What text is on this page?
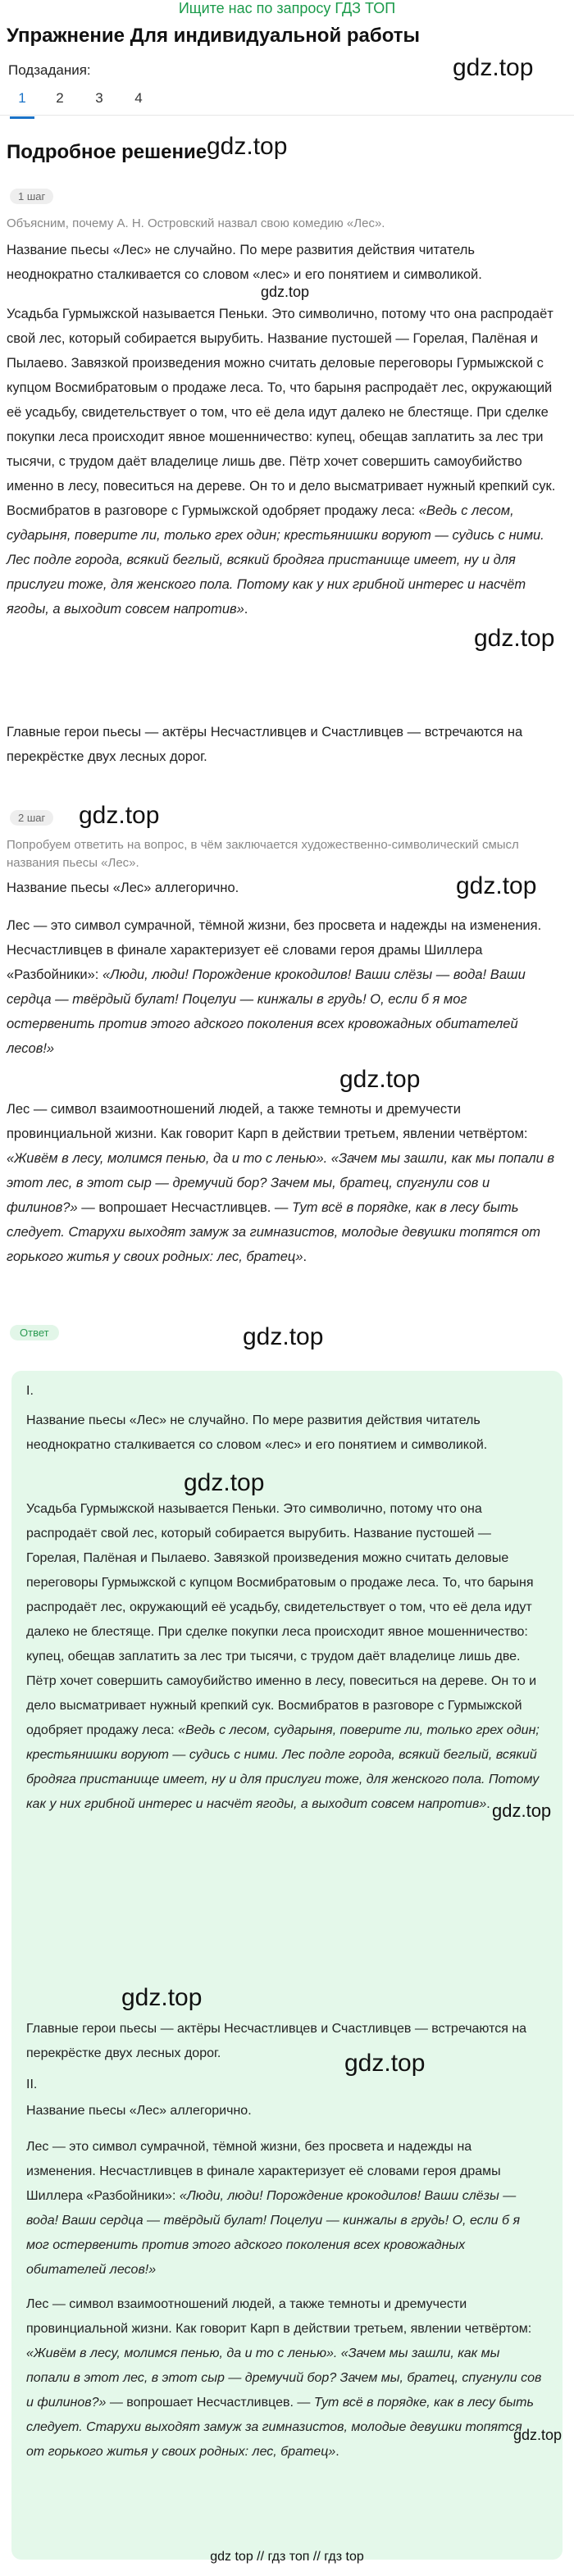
Ищите нас по запросу ГДЗ ТОП
Упражнение Для индивидуальной работы
gdz.top
Подзадания:
1	2	3	4
Подробное решение gdz.top
1 шаг
Объясним, почему А. Н. Островский назвал свою комедию «Лес».
Название пьесы «Лес» не случайно. По мере развития действия читатель неоднократно сталкивается со словом «лес» и его понятием и символикой.
Усадьба Гурмыжской называется Пеньки. Это символично, потому что она распродаёт свой лес, который собирается вырубить. Название пустошей — Горелая, Палёная и Пылаево. Завязкой произведения можно считать деловые переговоры Гурмыжской с купцом Восмибратовым о продаже леса. То, что барыня распродаёт лес, окружающий её усадьбу, свидетельствует о том, что её дела идут далеко не блестяще. При сделке покупки леса происходит явное мошенничество: купец, обещав заплатить за лес три тысячи, с трудом даёт владелице лишь две. Пётр хочет совершить самоубийство именно в лесу, повеситься на дереве. Он то и дело высматривает нужный крепкий сук. Восмибратов в разговоре с Гурмыжской одобряет продажу леса: «Ведь с лесом, сударыня, поверите ли, только грех один; крестьянишки воруют — судись с ними. Лес подле города, всякий беглый, всякий бродяга пристанище имеет, ну и для прислуги тоже, для женского пола. Потому как у них грибной интерес и насчёт ягоды, а выходит совсем напротив».
gdz.top
gdz.top
Главные герои пьесы — актёры Несчастливцев и Счастливцев — встречаются на перекрёстке двух лесных дорог.
2 шаг	gdz.top
Попробуем ответить на вопрос, в чём заключается художественно-символический смысл названия пьесы «Лес».
Название пьесы «Лес» аллегорично.	gdz.top
Лес — это символ сумрачной, тёмной жизни, без просвета и надежды на изменения. Несчастливцев в финале характеризует её словами героя драмы Шиллера «Разбойники»: «Люди, люди! Порождение крокодилов! Ваши слёзы — вода! Ваши сердца — твёрдый булат! Поцелуи — кинжалы в грудь! О, если б я мог остервенить против этого адского поколения всех кровожадных обитателей лесов!»
gdz.top
Лес — символ взаимоотношений людей, а также темноты и дремучести провинциальной жизни. Как говорит Карп в действии третьем, явлении четвёртом: «Живём в лесу, молимся пенью, да и то с ленью». «Зачем мы зашли, как мы попали в этот лес, в этот сыр — дремучий бор? Зачем мы, братец, спугнули сов и филинов?» — вопрошает Несчастливцев. — Тут всё в порядке, как в лесу быть следует. Старухи выходят замуж за гимназистов, молодые девушки топятся от горького житья у своих родных: лес, братец».
Ответ	gdz.top
I.
Название пьесы «Лес» не случайно. По мере развития действия читатель неоднократно сталкивается со словом «лес» и его понятием и символикой.
gdz.top
Усадьба Гурмыжской называется Пеньки. Это символично, потому что она распродаёт свой лес, который собирается вырубить. Название пустошей — Горелая, Палёная и Пылаево. Завязкой произведения можно считать деловые переговоры Гурмыжской с купцом Восмибратовым о продаже леса. То, что барыня распродаёт лес, окружающий её усадьбу, свидетельствует о том, что её дела идут далеко не блестяще. При сделке покупки леса происходит явное мошенничество: купец, обещав заплатить за лес три тысячи, с трудом даёт владелице лишь две. Пётр хочет совершить самоубийство именно в лесу, повеситься на дереве. Он то и дело высматривает нужный крепкий сук. Восмибратов в разговоре с Гурмыжской одобряет продажу леса: «Ведь с лесом, сударыня, поверите ли, только грех один; крестьянишки воруют — судись с ними. Лес подле города, всякий беглый, всякий бродяга пристанище имеет, ну и для прислуги тоже, для женского пола. Потому как у них грибной интерес и насчёт ягоды, а выходит совсем напротив». gdz.top
gdz.top
Главные герои пьесы — актёры Несчастливцев и Счастливцев — встречаются на перекрёстке двух лесных дорог.
II.
gdz.top
Название пьесы «Лес» аллегорично.
Лес — это символ сумрачной, тёмной жизни, без просвета и надежды на изменения. Несчастливцев в финале характеризует её словами героя драмы Шиллера «Разбойники»: «Люди, люди! Порождение крокодилов! Ваши слёзы — вода! Ваши сердца — твёрдый булат! Поцелуи — кинжалы в грудь! О, если б я мог остервенить против этого адского поколения всех кровожадных обитателей лесов!»
Лес — символ взаимоотношений людей, а также темноты и дремучести провинциальной жизни. Как говорит Карп в действии третьем, явлении четвёртом: «Живём в лесу, молимся пенью, да и то с ленью». «Зачем мы зашли, как мы попали в этот лес, в этот сыр — дремучий бор? Зачем мы, братец, спугнули сов и филинов?» — вопрошает Несчастливцев. — Тут всё в порядке, как в лесу быть следует. Старухи выходят замуж за гимназистов, молодые девушки топятся от горького житья у своих родных: лес, братец».
gdz.top
gdz top // гдз топ // гдз top
